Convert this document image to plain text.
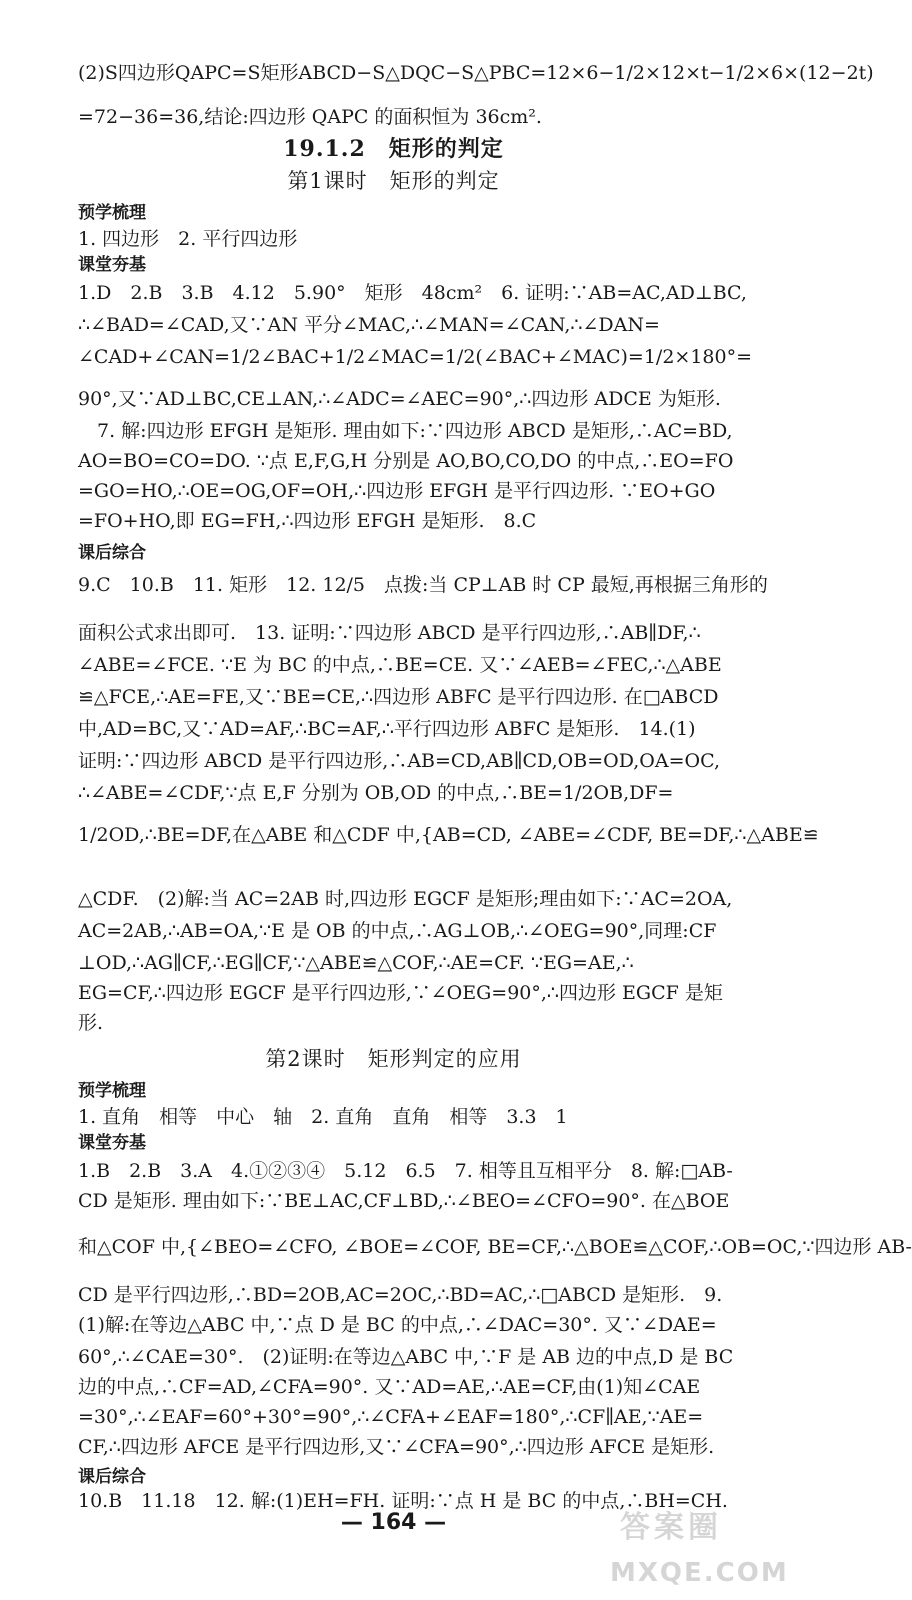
(2)S四边形QAPC=S矩形ABCD−S△DQC−S△PBC=12×6−1/2×12×t−1/2×6×(12−2t)
=72−36=36,结论:四边形 QAPC 的面积恒为 36cm².
19.1.2　矩形的判定
第1课时　矩形的判定
预学梳理
1. 四边形　2. 平行四边形
课堂夯基
1.D　2.B　3.B　4.12　5.90°　矩形　48cm²　6. 证明:∵AB=AC,AD⊥BC,
∴∠BAD=∠CAD,又∵AN 平分∠MAC,∴∠MAN=∠CAN,∴∠DAN=
∠CAD+∠CAN=1/2∠BAC+1/2∠MAC=1/2(∠BAC+∠MAC)=1/2×180°=
90°,又∵AD⊥BC,CE⊥AN,∴∠ADC=∠AEC=90°,∴四边形 ADCE 为矩形.
　7. 解:四边形 EFGH 是矩形. 理由如下:∵四边形 ABCD 是矩形,∴AC=BD,
AO=BO=CO=DO. ∵点 E,F,G,H 分别是 AO,BO,CO,DO 的中点,∴EO=FO
=GO=HO,∴OE=OG,OF=OH,∴四边形 EFGH 是平行四边形. ∵EO+GO
=FO+HO,即 EG=FH,∴四边形 EFGH 是矩形.　8.C
课后综合
9.C　10.B　11. 矩形　12. 12/5　点拨:当 CP⊥AB 时 CP 最短,再根据三角形的
面积公式求出即可.　13. 证明:∵四边形 ABCD 是平行四边形,∴AB∥DF,∴
∠ABE=∠FCE. ∵E 为 BC 的中点,∴BE=CE. 又∵∠AEB=∠FEC,∴△ABE
≌△FCE,∴AE=FE,又∵BE=CE,∴四边形 ABFC 是平行四边形. 在□ABCD
中,AD=BC,又∵AD=AF,∴BC=AF,∴平行四边形 ABFC 是矩形.　14.(1)
证明:∵四边形 ABCD 是平行四边形,∴AB=CD,AB∥CD,OB=OD,OA=OC,
∴∠ABE=∠CDF,∵点 E,F 分别为 OB,OD 的中点,∴BE=1/2OB,DF=
1/2OD,∴BE=DF,在△ABE 和△CDF 中,{AB=CD, ∠ABE=∠CDF, BE=DF,∴△ABE≌
△CDF.　(2)解:当 AC=2AB 时,四边形 EGCF 是矩形;理由如下:∵AC=2OA,
AC=2AB,∴AB=OA,∵E 是 OB 的中点,∴AG⊥OB,∴∠OEG=90°,同理:CF
⊥OD,∴AG∥CF,∴EG∥CF,∵△ABE≌△COF,∴AE=CF. ∵EG=AE,∴
EG=CF,∴四边形 EGCF 是平行四边形,∵∠OEG=90°,∴四边形 EGCF 是矩
形.
第2课时　矩形判定的应用
预学梳理
1. 直角　相等　中心　轴　2. 直角　直角　相等　3.3　1
课堂夯基
1.B　2.B　3.A　4.①②③④　5.12　6.5　7. 相等且互相平分　8. 解:□AB-
CD 是矩形. 理由如下:∵BE⊥AC,CF⊥BD,∴∠BEO=∠CFO=90°. 在△BOE
和△COF 中,{∠BEO=∠CFO, ∠BOE=∠COF, BE=CF,∴△BOE≌△COF,∴OB=OC,∵四边形 AB-
CD 是平行四边形,∴BD=2OB,AC=2OC,∴BD=AC,∴□ABCD 是矩形.　9.
(1)解:在等边△ABC 中,∵点 D 是 BC 的中点,∴∠DAC=30°. 又∵∠DAE=
60°,∴∠CAE=30°.　(2)证明:在等边△ABC 中,∵F 是 AB 边的中点,D 是 BC
边的中点,∴CF=AD,∠CFA=90°. 又∵AD=AE,∴AE=CF,由(1)知∠CAE
=30°,∴∠EAF=60°+30°=90°,∴∠CFA+∠EAF=180°,∴CF∥AE,∵AE=
CF,∴四边形 AFCE 是平行四边形,又∵∠CFA=90°,∴四边形 AFCE 是矩形.
课后综合
10.B　11.18　12. 解:(1)EH=FH. 证明:∵点 H 是 BC 的中点,∴BH=CH.
— 164 —	答案圈
MXQE.COM
